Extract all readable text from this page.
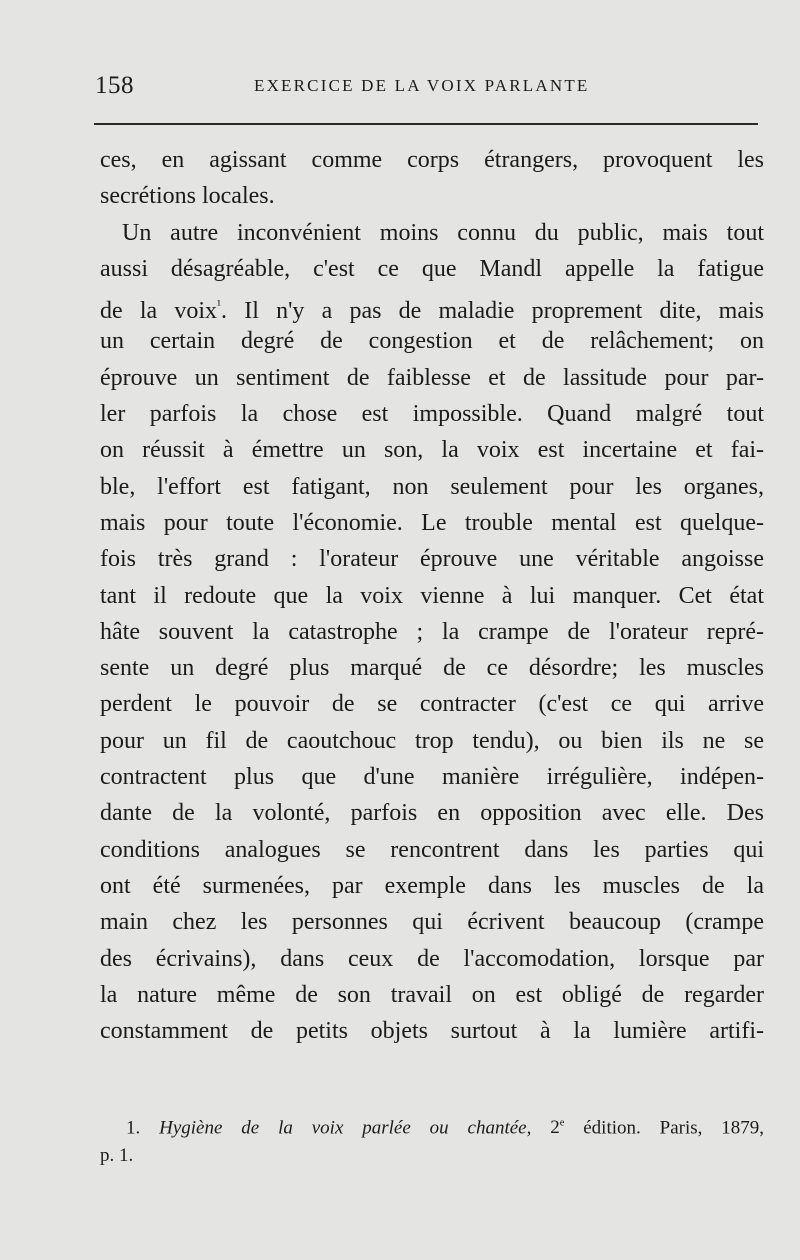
158	EXERCICE DE LA VOIX PARLANTE
ces, en agissant comme corps étrangers, provoquent les
secrétions locales.
Un autre inconvénient moins connu du public, mais tout
aussi désagréable, c'est ce que Mandl appelle la fatigue
de la voix$^{^1}$. Il n'y a pas de maladie proprement dite, mais
un certain degré de congestion et de relâchement; on
éprouve un sentiment de faiblesse et de lassitude pour par-
ler parfois la chose est impossible. Quand malgré tout
on réussit à émettre un son, la voix est incertaine et fai-
ble, l'effort est fatigant, non seulement pour les organes,
mais pour toute l'économie. Le trouble mental est quelque-
fois très grand : l'orateur éprouve une véritable angoisse
tant il redoute que la voix vienne à lui manquer. Cet état
hâte souvent la catastrophe ; la crampe de l'orateur repré-
sente un degré plus marqué de ce désordre; les muscles
perdent le pouvoir de se contracter (c'est ce qui arrive
pour un fil de caoutchouc trop tendu), ou bien ils ne se
contractent plus que d'une manière irrégulière, indépen-
dante de la volonté, parfois en opposition avec elle. Des
conditions analogues se rencontrent dans les parties qui
ont été surmenées, par exemple dans les muscles de la
main chez les personnes qui écrivent beaucoup (crampe
des écrivains), dans ceux de l'accomodation, lorsque par
la nature même de son travail on est obligé de regarder
constamment de petits objets surtout à la lumière artifi-
1. Hygiène de la voix parlée ou chantée, 2e édition. Paris, 1879,
p. 1.
